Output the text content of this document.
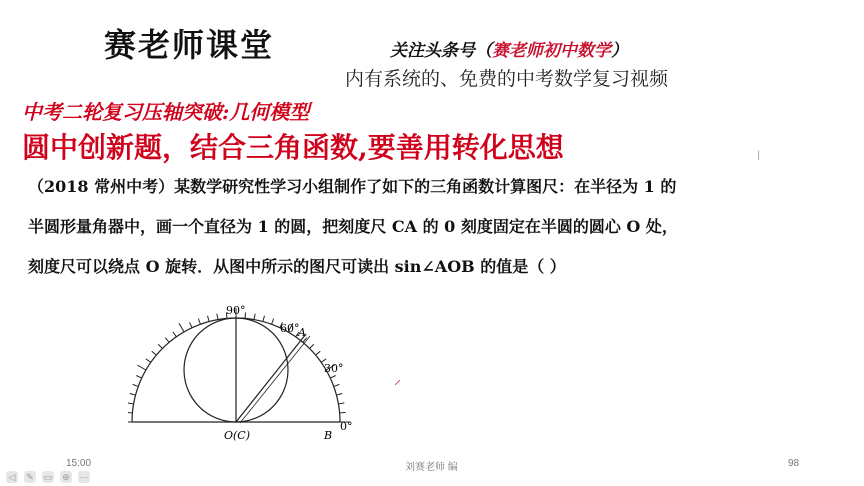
赛老师课堂	关注头条号（赛老师初中数学）
内有系统的、免费的中考数学复习视频
中考二轮复习压轴突破:几何模型
圆中创新题，结合三角函数,要善用转化思想
（2018 常州中考）某数学研究性学习小组制作了如下的三角函数计算图尺：在半径为 1 的
半圆形量角器中，画一个直径为 1 的圆，把刻度尺 CA 的 0 刻度固定在半圆的圆心 O 处，
刻度尺可以绕点 O 旋转．从图中所示的图尺可读出 sin∠AOB 的值是（ ）
90°
60°
A
30°
0°
O(C)	B
⸝
|
15:00	刘赛老师 编	98
◁ ✎ ▭ ⊕ ⋯
